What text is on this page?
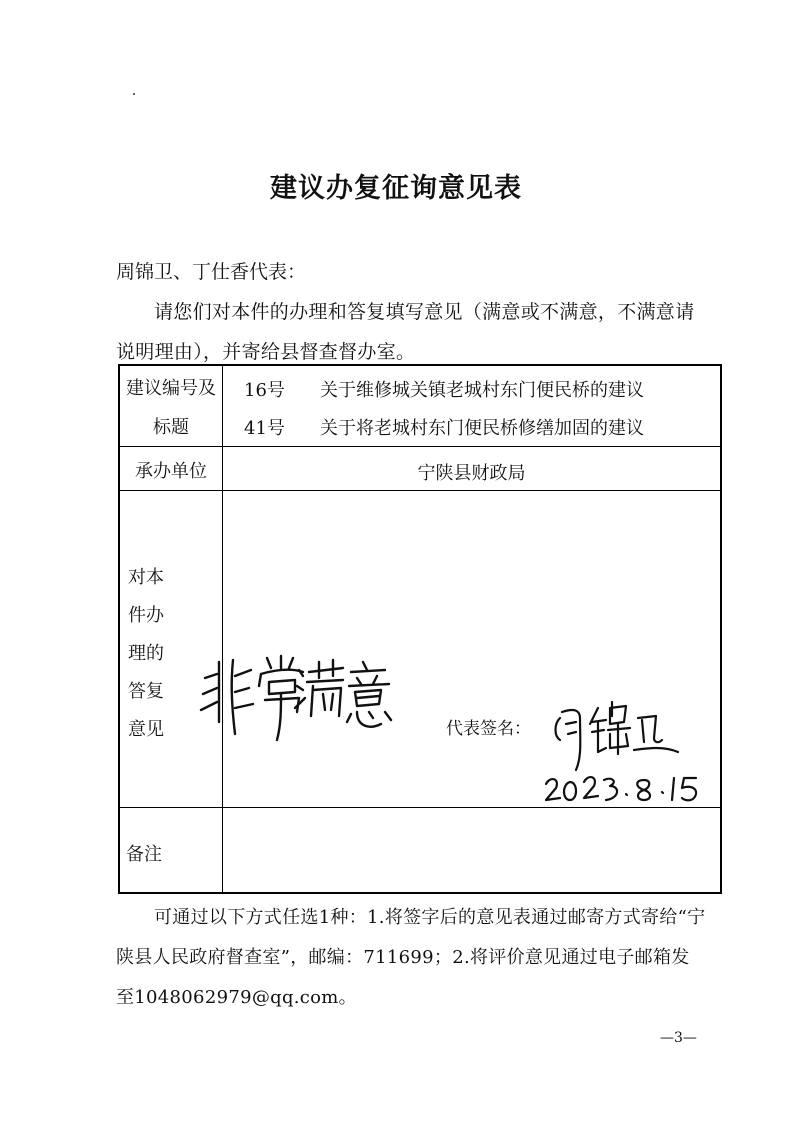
建议办复征询意见表
周锦卫、丁仕香代表：
请您们对本件的办理和答复填写意见（满意或不满意，不满意请说明理由），并寄给县督查督办室。
建议编号及
标题
16号 关于维修城关镇老城村东门便民桥的建议
41号 关于将老城村东门便民桥修缮加固的建议
承办单位	宁陕县财政局
对本
件办
理的
答复
意见	代表签名：
备注
可通过以下方式任选1种：1.将签字后的意见表通过邮寄方式寄给“宁陕县人民政府督查室”，邮编：711699；2.将评价意见通过电子邮箱发至1048062979@qq.com。
—3—
